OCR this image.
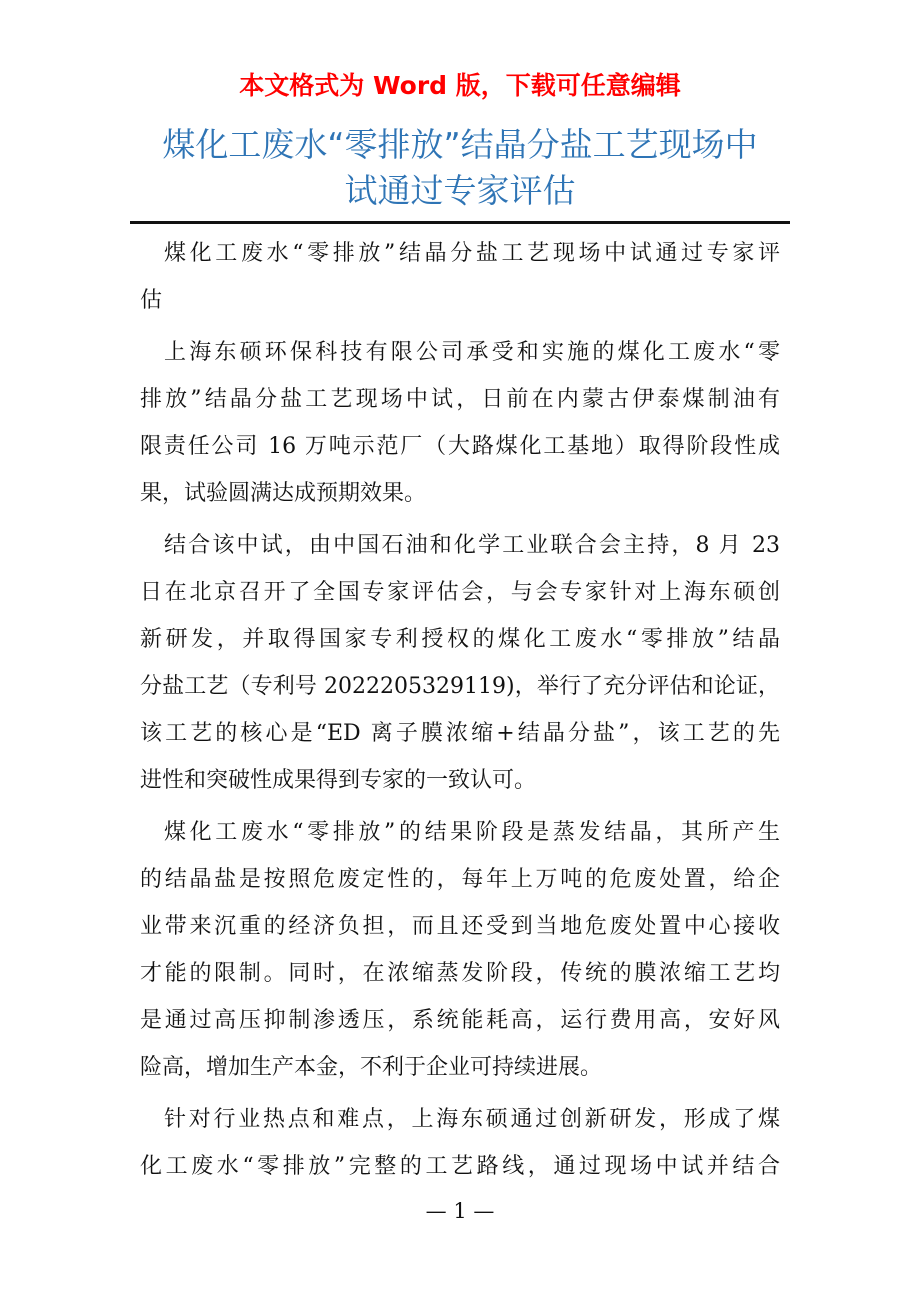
本文格式为 Word 版，下载可任意编辑
煤化工废水“零排放”结晶分盐工艺现场中
试通过专家评估
煤化工废水“零排放”结晶分盐工艺现场中试通过专家评
估
上海东硕环保科技有限公司承受和实施的煤化工废水“零
排放”结晶分盐工艺现场中试，日前在内蒙古伊泰煤制油有
限责任公司 16 万吨示范厂（大路煤化工基地）取得阶段性成
果，试验圆满达成预期效果。
结合该中试，由中国石油和化学工业联合会主持，8 月 23
日在北京召开了全国专家评估会，与会专家针对上海东硕创
新研发，并取得国家专利授权的煤化工废水“零排放”结晶
分盐工艺（专利号 2022205329119)，举行了充分评估和论证，
该工艺的核心是“ED 离子膜浓缩+结晶分盐”，该工艺的先
进性和突破性成果得到专家的一致认可。
煤化工废水“零排放”的结果阶段是蒸发结晶，其所产生
的结晶盐是按照危废定性的，每年上万吨的危废处置，给企
业带来沉重的经济负担，而且还受到当地危废处置中心接收
才能的限制。同时，在浓缩蒸发阶段，传统的膜浓缩工艺均
是通过高压抑制渗透压，系统能耗高，运行费用高，安好风
险高，增加生产本金，不利于企业可持续进展。
针对行业热点和难点，上海东硕通过创新研发，形成了煤
化工废水“零排放”完整的工艺路线，通过现场中试并结合
— 1 —
